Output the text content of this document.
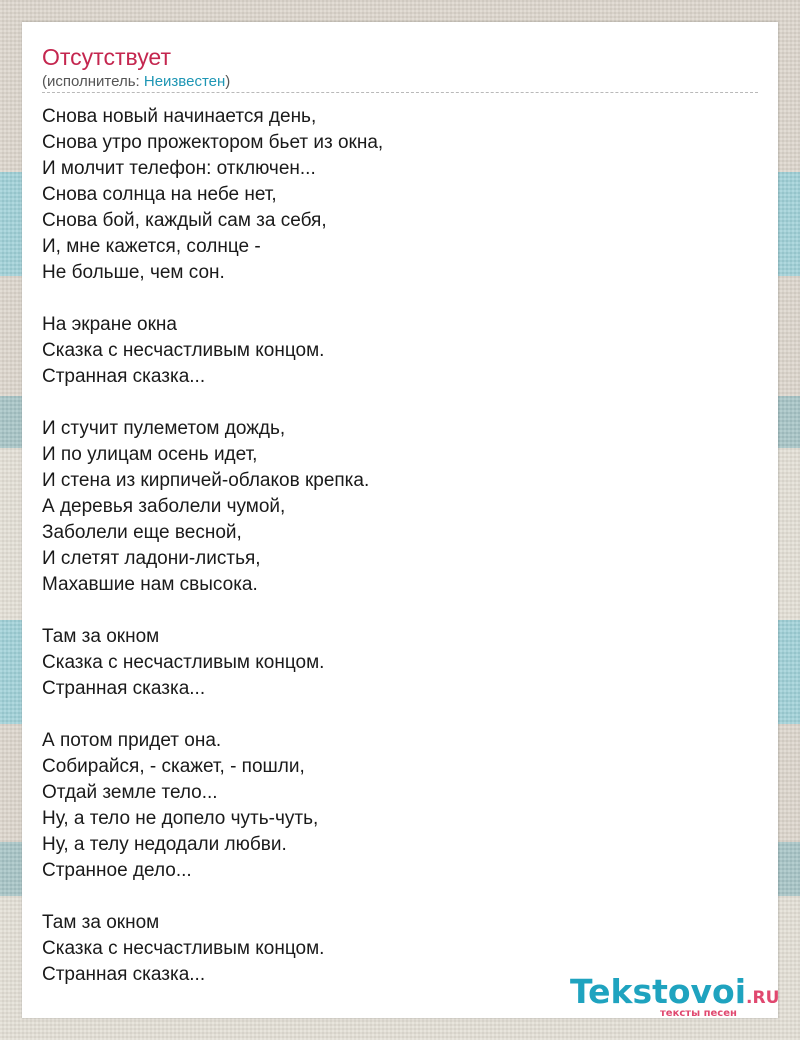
Отсутствует
(исполнитель: Неизвестен)
Снова новый начинается день,
Снова утро прожектором бьет из окна,
И молчит телефон: отключен...
Снова солнца на небе нет,
Снова бой, каждый сам за себя,
И, мне кажется, солнце -
Не больше, чем сон.
На экране окна
Сказка с несчастливым концом.
Странная сказка...
И стучит пулеметом дождь,
И по улицам осень идет,
И стена из кирпичей-облаков крепка.
А деревья заболели чумой,
Заболели еще весной,
И слетят ладони-листья,
Махавшие нам свысока.
Там за окном
Сказка с несчастливым концом.
Странная сказка...
А потом придет она.
Собирайся, - скажет, - пошли,
Отдай земле тело...
Ну, а тело не допело чуть-чуть,
Ну, а телу недодали любви.
Странное дело...
Там за окном
Сказка с несчастливым концом.
Странная сказка...	Tekstovoi.RU
тексты песен
